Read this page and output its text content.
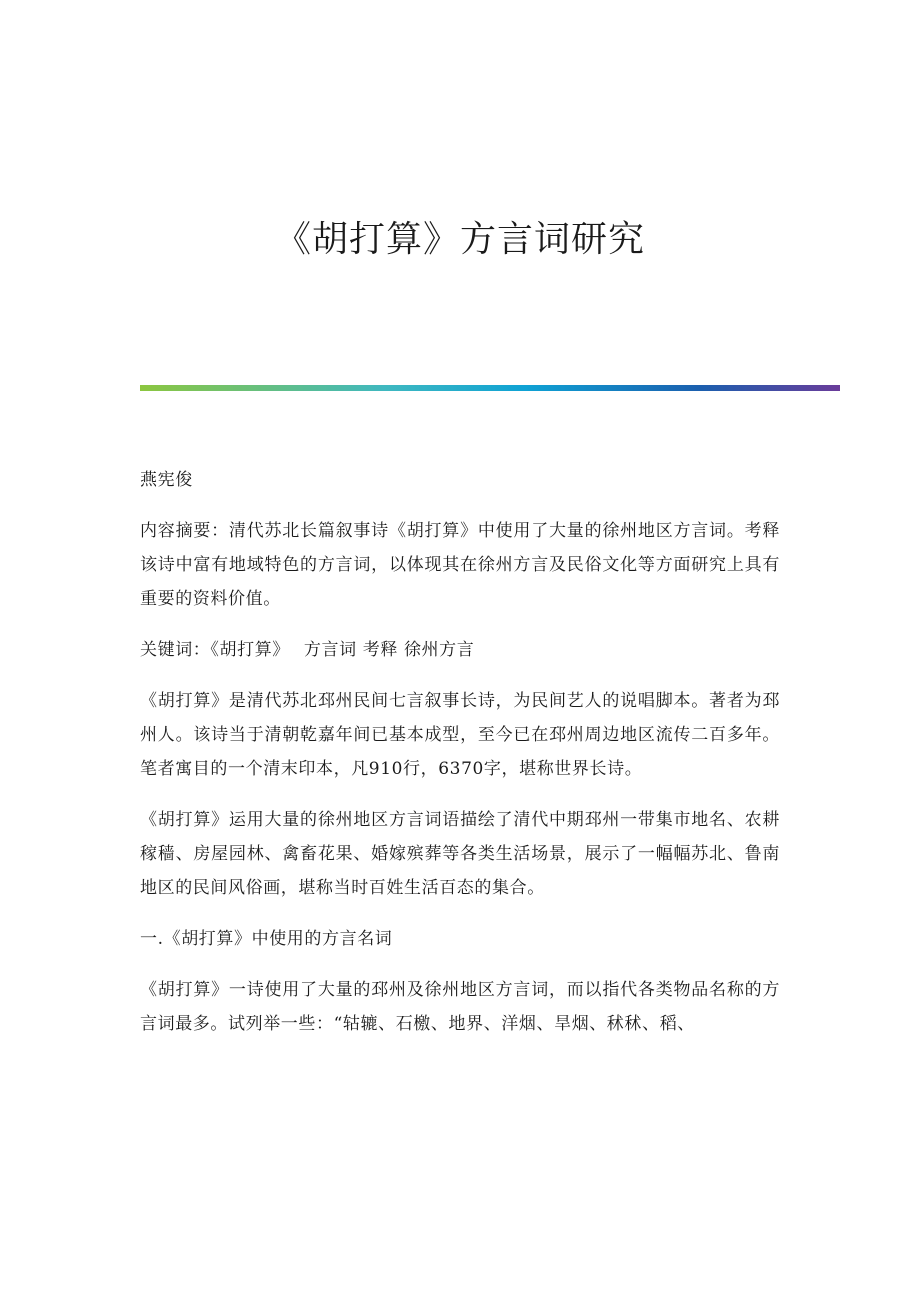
《胡打算》方言词研究

燕宪俊

内容摘要：清代苏北长篇叙事诗《胡打算》中使用了大量的徐州地区方言词。考释该诗中富有地域特色的方言词，以体现其在徐州方言及民俗文化等方面研究上具有重要的资料价值。

关键词：《胡打算》 方言词 考释 徐州方言

《胡打算》是清代苏北邳州民间七言叙事长诗，为民间艺人的说唱脚本。著者为邳州人。该诗当于清朝乾嘉年间已基本成型，至今已在邳州周边地区流传二百多年。笔者寓目的一个清末印本，凡910行，6370字，堪称世界长诗。

《胡打算》运用大量的徐州地区方言词语描绘了清代中期邳州一带集市地名、农耕稼穑、房屋园林、禽畜花果、婚嫁殡葬等各类生活场景，展示了一幅幅苏北、鲁南地区的民间风俗画，堪称当时百姓生活百态的集合。

一.《胡打算》中使用的方言名词

《胡打算》一诗使用了大量的邳州及徐州地区方言词，而以指代各类物品名称的方言词最多。试列举一些：“轱辘、石檄、地界、洋烟、旱烟、秫秫、稻、
